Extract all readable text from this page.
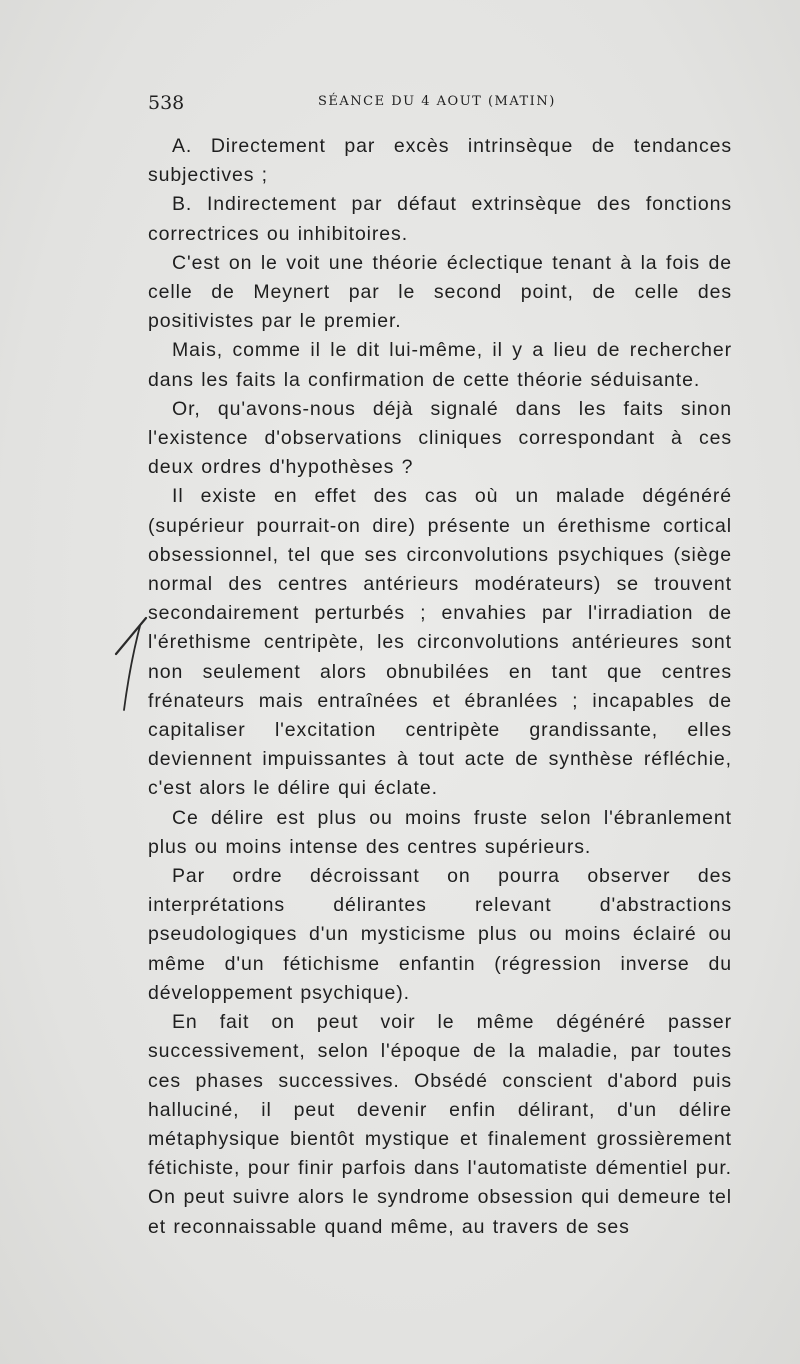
538	SÉANCE DU 4 AOUT (MATIN)

A. Directement par excès intrinsèque de tendances subjectives ;

B. Indirectement par défaut extrinsèque des fonctions correctrices ou inhibitoires.

C'est on le voit une théorie éclectique tenant à la fois de celle de Meynert par le second point, de celle des positivistes par le premier.

Mais, comme il le dit lui-même, il y a lieu de rechercher dans les faits la confirmation de cette théorie séduisante.

Or, qu'avons-nous déjà signalé dans les faits sinon l'existence d'observations cliniques correspondant à ces deux ordres d'hypothèses ?

Il existe en effet des cas où un malade dégénéré (supérieur pourrait-on dire) présente un érethisme cortical obsessionnel, tel que ses circonvolutions psychiques (siège normal des centres antérieurs modérateurs) se trouvent secondairement perturbés ; envahies par l'irradiation de l'érethisme centripète, les circonvolutions antérieures sont non seulement alors obnubilées en tant que centres frénateurs mais entraînées et ébranlées ; incapables de capitaliser l'excitation centripète grandissante, elles deviennent impuissantes à tout acte de synthèse réfléchie, c'est alors le délire qui éclate.

Ce délire est plus ou moins fruste selon l'ébranlement plus ou moins intense des centres supérieurs.

Par ordre décroissant on pourra observer des interprétations délirantes relevant d'abstractions pseudologiques d'un mysticisme plus ou moins éclairé ou même d'un fétichisme enfantin (régression inverse du développement psychique).

En fait on peut voir le même dégénéré passer successivement, selon l'époque de la maladie, par toutes ces phases successives. Obsédé conscient d'abord puis halluciné, il peut devenir enfin délirant, d'un délire métaphysique bientôt mystique et finalement grossièrement fétichiste, pour finir parfois dans l'automatiste démentiel pur. On peut suivre alors le syndrome obsession qui demeure tel et reconnaissable quand même, au travers de ses
